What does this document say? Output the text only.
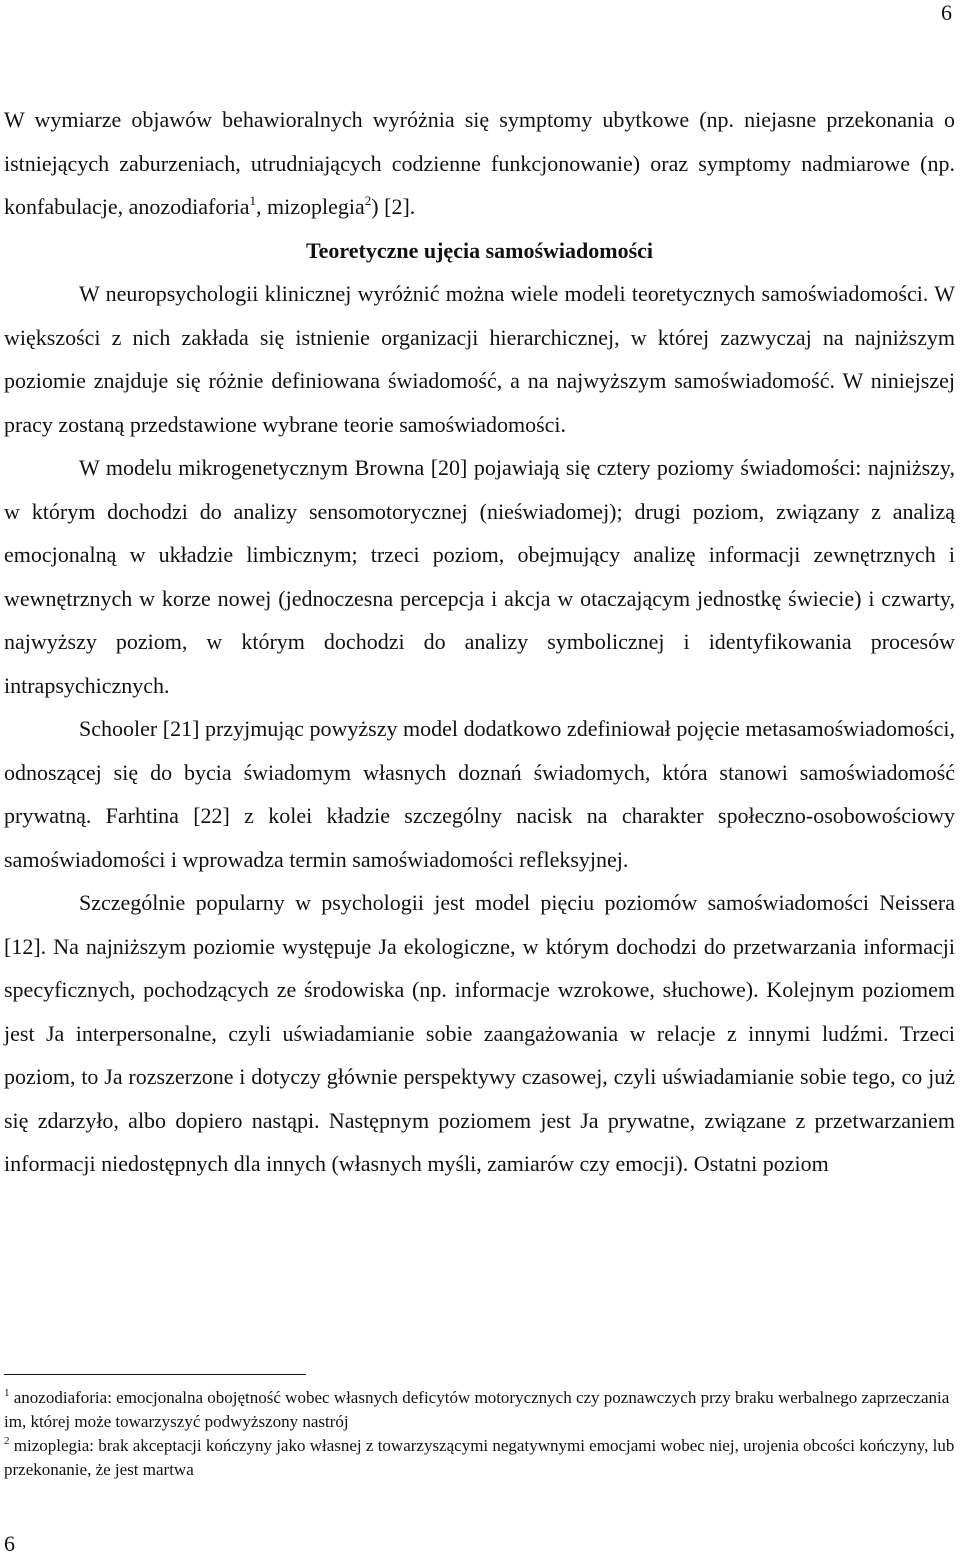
6

W wymiarze objawów behawioralnych wyróżnia się symptomy ubytkowe (np. niejasne przekonania o istniejących zaburzeniach, utrudniających codzienne funkcjonowanie) oraz symptomy nadmiarowe (np. konfabulacje, anozodiaforia$^1$, mizoplegia$^2$) [2].

Teoretyczne ujęcia samoświadomości

W neuropsychologii klinicznej wyróżnić można wiele modeli teoretycznych samoświadomości. W większości z nich zakłada się istnienie organizacji hierarchicznej, w której zazwyczaj na najniższym poziomie znajduje się różnie definiowana świadomość, a na najwyższym samoświadomość. W niniejszej pracy zostaną przedstawione wybrane teorie samoświadomości.

W modelu mikrogenetycznym Browna [20] pojawiają się cztery poziomy świadomości: najniższy, w którym dochodzi do analizy sensomotorycznej (nieświadomej); drugi poziom, związany z analizą emocjonalną w układzie limbicznym; trzeci poziom, obejmujący analizę informacji zewnętrznych i wewnętrznych w korze nowej (jednoczesna percepcja i akcja w otaczającym jednostkę świecie) i czwarty, najwyższy poziom, w którym dochodzi do analizy symbolicznej i identyfikowania procesów intrapsychicznych.

Schooler [21] przyjmując powyższy model dodatkowo zdefiniował pojęcie metasamoświadomości, odnoszącej się do bycia świadomym własnych doznań świadomych, która stanowi samoświadomość prywatną. Farhtina [22] z kolei kładzie szczególny nacisk na charakter społeczno-osobowościowy samoświadomości i wprowadza termin samoświadomości refleksyjnej.

Szczególnie popularny w psychologii jest model pięciu poziomów samoświadomości Neissera [12]. Na najniższym poziomie występuje Ja ekologiczne, w którym dochodzi do przetwarzania informacji specyficznych, pochodzących ze środowiska (np. informacje wzrokowe, słuchowe). Kolejnym poziomem jest Ja interpersonalne, czyli uświadamianie sobie zaangażowania w relacje z innymi ludźmi. Trzeci poziom, to Ja rozszerzone i dotyczy głównie perspektywy czasowej, czyli uświadamianie sobie tego, co już się zdarzyło, albo dopiero nastąpi. Następnym poziomem jest Ja prywatne, związane z przetwarzaniem informacji niedostępnych dla innych (własnych myśli, zamiarów czy emocji). Ostatni poziom

$^1$ anozodiaforia: emocjonalna obojętność wobec własnych deficytów motorycznych czy poznawczych przy braku werbalnego zaprzeczania im, której może towarzyszyć podwyższony nastrój

$^2$ mizoplegia: brak akceptacji kończyny jako własnej z towarzyszącymi negatywnymi emocjami wobec niej, urojenia obcości kończyny, lub przekonanie, że jest martwa

6
